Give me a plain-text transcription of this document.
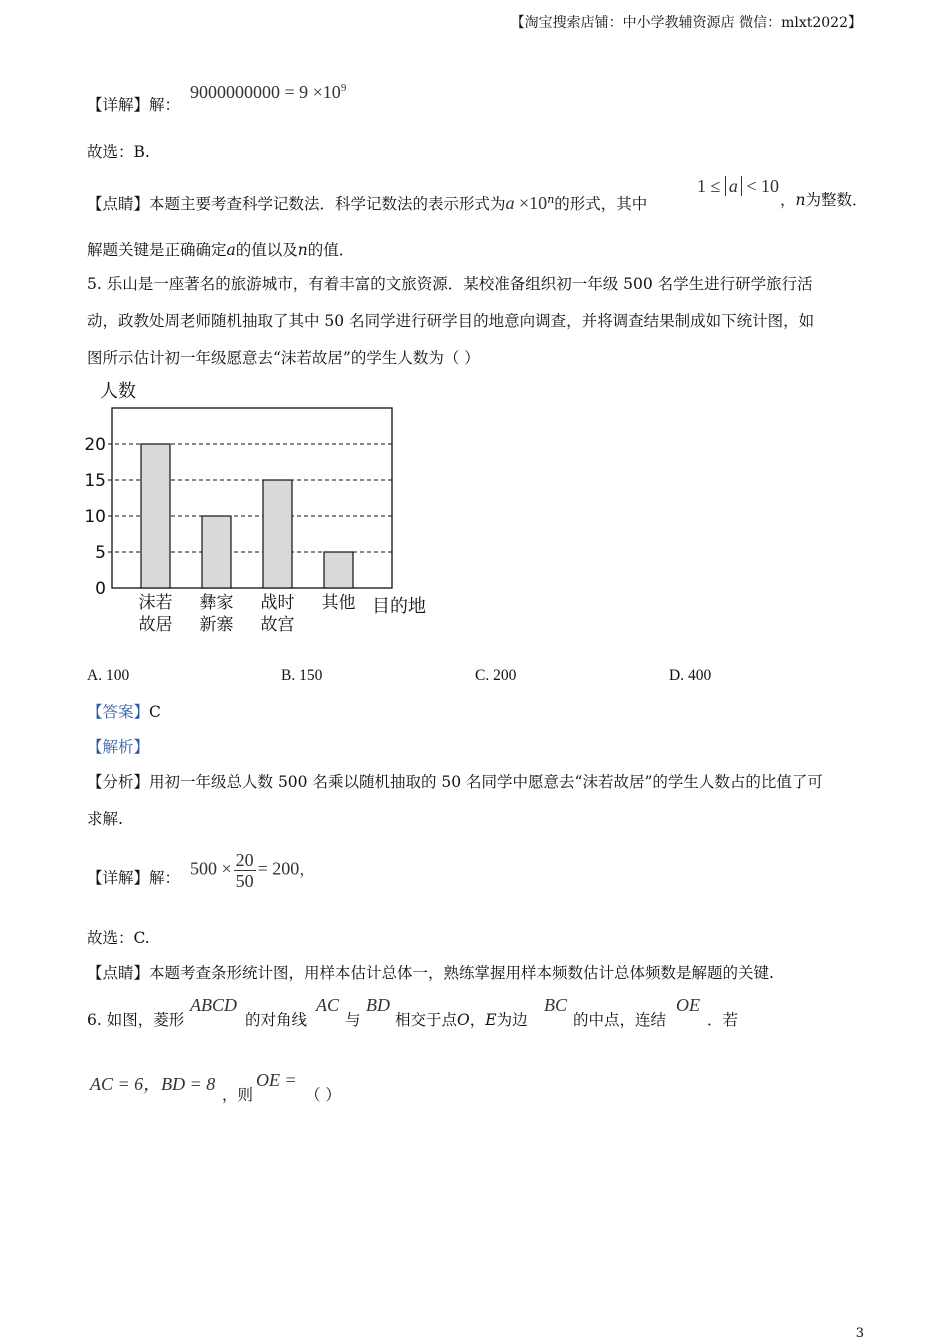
【淘宝搜索店铺：中小学教辅资源店 微信：mlxt2022】
【详解】解：
$9000000000 = 9 \times 10^9$
故选：B.
【点睛】本题主要考查科学记数法．科学记数法的表示形式为$a \times 10^n$的形式，其中
1 ≤ a < 10
，n为整数．
解题关键是正确确定a的值以及n的值．
5. 乐山是一座著名的旅游城市，有着丰富的文旅资源．某校准备组织初一年级 500 名学生进行研学旅行活
动，政教处周老师随机抽取了其中 50 名同学进行研学目的地意向调查，并将调查结果制成如下统计图，如
图所示估计初一年级愿意去“沫若故居”的学生人数为（ ）
0
5
10
15
20
沫若
故居
彝家
新寨
战时
故宫
其他
人数
目的地
A. 100	B. 150	C. 200	D. 400
【答案】C
【解析】
【分析】用初一年级总人数 500 名乘以随机抽取的 50 名同学中愿意去“沫若故居”的学生人数占的比值了可
求解.
【详解】解： $500 \times \frac{20}{50} = 200$，
故选：C.
【点睛】本题考查条形统计图，用样本估计总体一，熟练掌握用样本频数估计总体频数是解题的关键.
6. 如图，菱形
ABCD
的对角线
AC
与
BD
相交于点O，E为边
BC
的中点，连结
OE
．若
AC = 6，BD = 8
，则
OE =
（ ）
3
